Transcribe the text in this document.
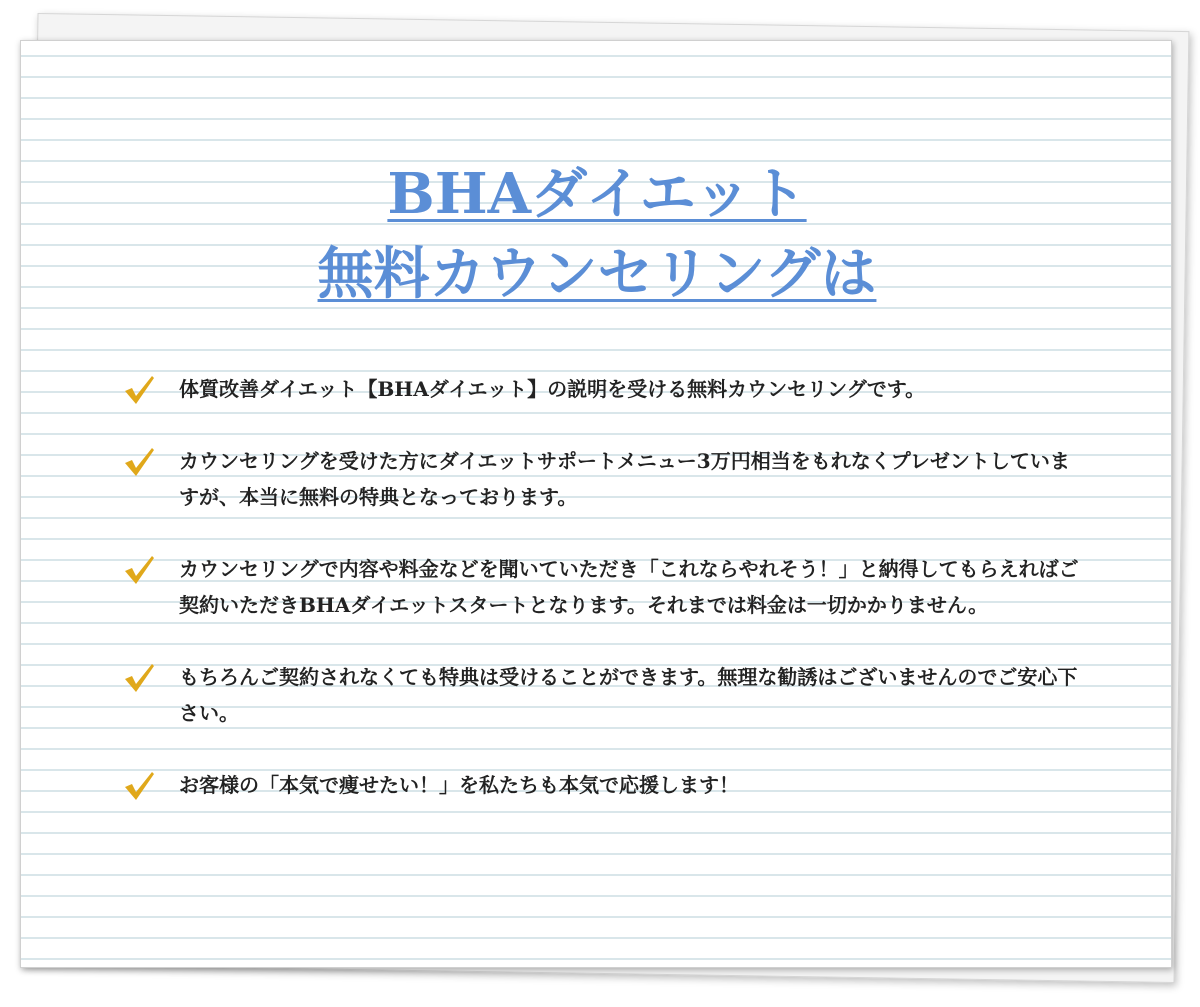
BHAダイエット
無料カウンセリングは
体質改善ダイエット【BHAダイエット】の説明を受ける無料カウンセリングです。
カウンセリングを受けた方にダイエットサポートメニュー3万円相当をもれなくプレゼントしていますが、本当に無料の特典となっております。
カウンセリングで内容や料金などを聞いていただき「これならやれそう！」と納得してもらえればご契約いただきBHAダイエットスタートとなります。それまでは料金は一切かかりません。
もちろんご契約されなくても特典は受けることができます。無理な勧誘はございませんのでご安心下さい。
お客様の「本気で痩せたい！」を私たちも本気で応援します！
